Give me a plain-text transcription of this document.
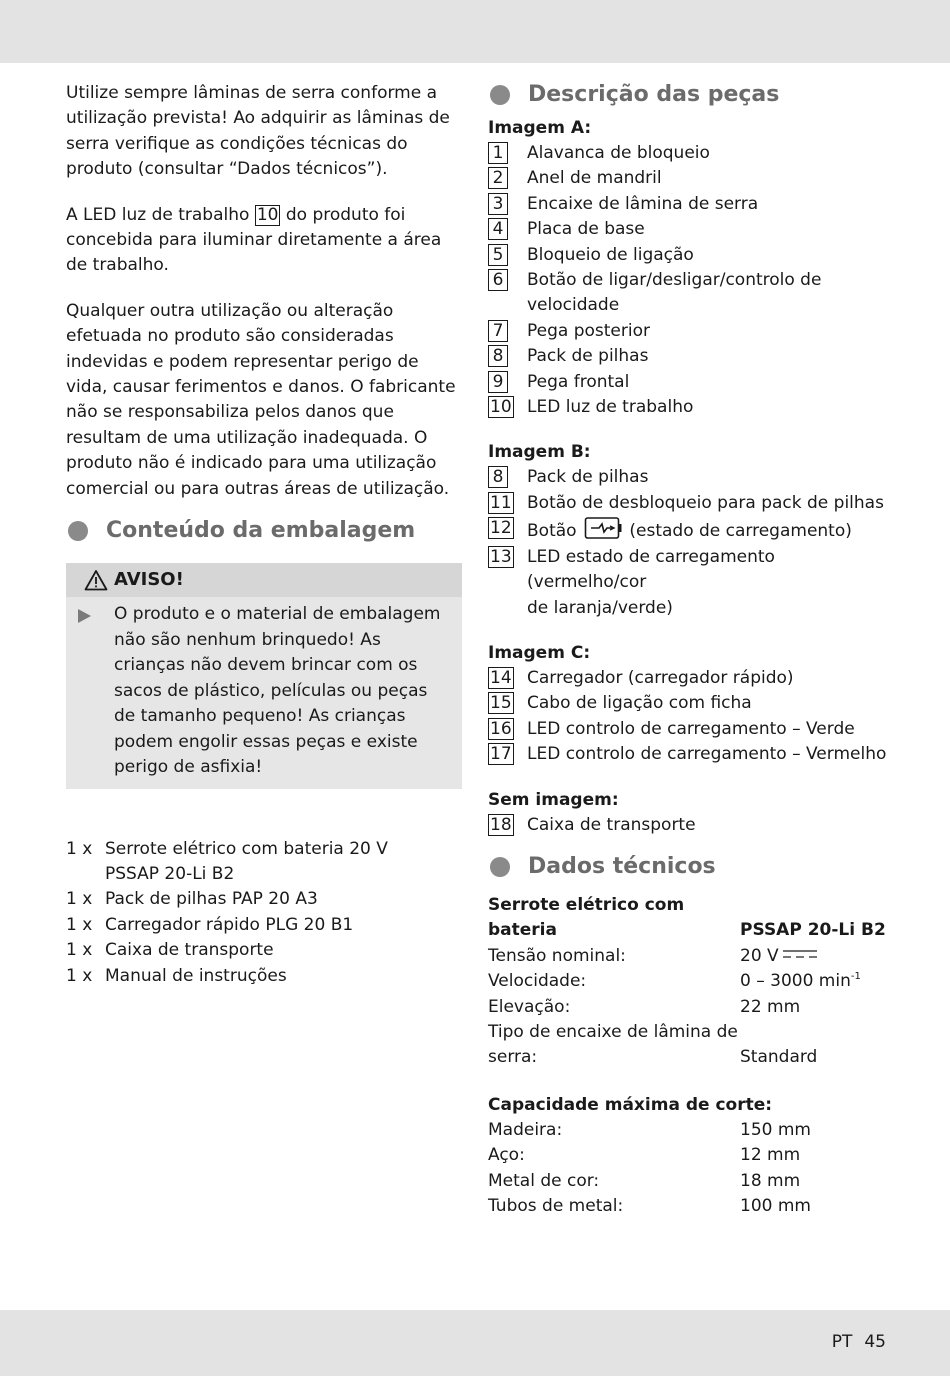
Utilize sempre lâminas de serra conforme a utilização prevista! Ao adquirir as lâminas de serra verifique as condições técnicas do produto (consultar “Dados técnicos”).

A LED luz de trabalho 10 do produto foi concebida para iluminar diretamente a área de trabalho.

Qualquer outra utilização ou alteração efetuada no produto são consideradas indevidas e podem representar perigo de vida, causar ferimentos e danos. O fabricante não se responsabiliza pelos danos que resultam de uma utilização inadequada. O produto não é indicado para uma utilização comercial ou para outras áreas de utilização.

Conteúdo da embalagem
AVISO!

O produto e o material de embalagem não são nenhum brinquedo! As crianças não devem brincar com os sacos de plástico, películas ou peças de tamanho pequeno! As crianças podem engolir essas peças e existe perigo de asfixia!

1 x Serrote elétrico com bateria 20 V
PSSAP 20-Li B2
1 x Pack de pilhas PAP 20 A3
1 x Carregador rápido PLG 20 B1
1 x Caixa de transporte
1 x Manual de instruções
Descrição das peças
Imagem A:
1	Alavanca de bloqueio
2	Anel de mandril
3	Encaixe de lâmina de serra
4	Placa de base
5	Bloqueio de ligação
6	Botão de ligar/desligar/controlo de
velocidade
7	Pega posterior
8	Pack de pilhas
9	Pega frontal
10 LED luz de trabalho
Imagem B:
8	Pack de pilhas
11 Botão de desbloqueio para pack de pilhas
12 Botão	(estado de carregamento)
13 LED estado de carregamento (vermelho/cor
de laranja/verde)
Imagem C:
14 Carregador (carregador rápido)
15 Cabo de ligação com ficha
16 LED controlo de carregamento – Verde
17 LED controlo de carregamento – Vermelho
Sem imagem:
18 Caixa de transporte
Dados técnicos
Serrote elétrico com
bateria	PSSAP 20-Li B2
Tensão nominal:	20 V
Velocidade:	0 – 3000 $\min^{-1}$
Elevação:	22 mm
Tipo de encaixe de lâmina de
serra:	Standard
Capacidade máxima de corte:
Madeira:	150 mm
Aço:	12 mm
Metal de cor:	18 mm
Tubos de metal:	100 mm
PT 45
